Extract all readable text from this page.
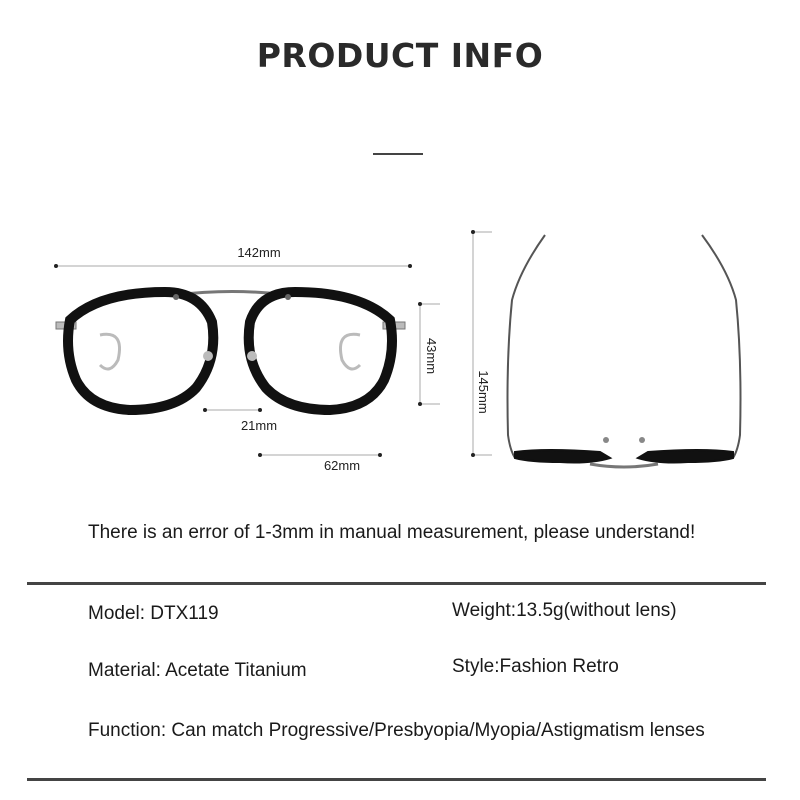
PRODUCT INFO
142mm
43mm
21mm
62mm
145mm
There is an error of 1-3mm in manual measurement, please understand!
Model: DTX119	Weight:13.5g(without lens)
Material: Acetate Titanium	Style:Fashion Retro
Function: Can match Progressive/Presbyopia/Myopia/Astigmatism lenses
